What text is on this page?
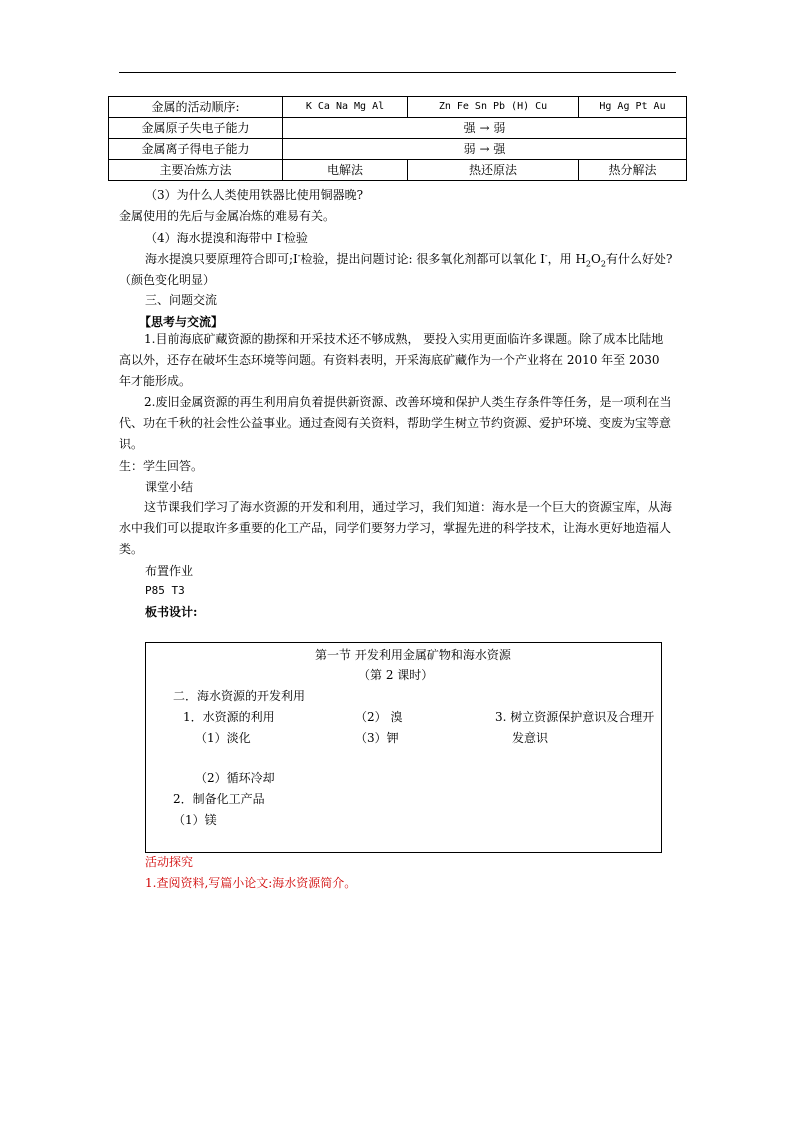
金属的活动顺序:	K Ca Na Mg Al	Zn Fe Sn Pb (H) Cu	Hg Ag Pt Au
金属原子失电子能力	强 → 弱		
金属离子得电子能力	弱 → 强		
主要冶炼方法	电解法	热还原法	热分解法
（3）为什么人类使用铁器比使用铜器晚?
金属使用的先后与金属冶炼的难易有关。
（4）海水提溴和海带中 I-检验
海水提溴只要原理符合即可;I-检验，提出问题讨论: 很多氧化剂都可以氧化 I-，用 $H_2O_2$有什么好处?
（颜色变化明显）
三、问题交流
【思考与交流】
1.目前海底矿藏资源的勘探和开采技术还不够成熟， 要投入实用更面临许多课题。除了成本比陆地高以外，还存在破坏生态环境等问题。有资料表明，开采海底矿藏作为一个产业将在 2010 年至 2030 年才能形成。
2.废旧金属资源的再生利用肩负着提供新资源、改善环境和保护人类生存条件等任务，是一项利在当代、功在千秋的社会性公益事业。通过查阅有关资料，帮助学生树立节约资源、爱护环境、变废为宝等意识。
生：学生回答。
课堂小结
这节课我们学习了海水资源的开发和利用，通过学习，我们知道：海水是一个巨大的资源宝库，从海水中我们可以提取许多重要的化工产品，同学们要努力学习，掌握先进的科学技术，让海水更好地造福人类。
布置作业
P85 T3
板书设计:
第一节 开发利用金属矿物和海水资源
（第 2 课时）
二．海水资源的开发利用
1．水资源的利用
（1）淡化
（2）循环冷却
（2） 溴
（3）钾
3. 树立资源保护意识及合理开
发意识
2．制备化工产品
（1）镁
活动探究
1.查阅资料,写篇小论文:海水资源简介。
